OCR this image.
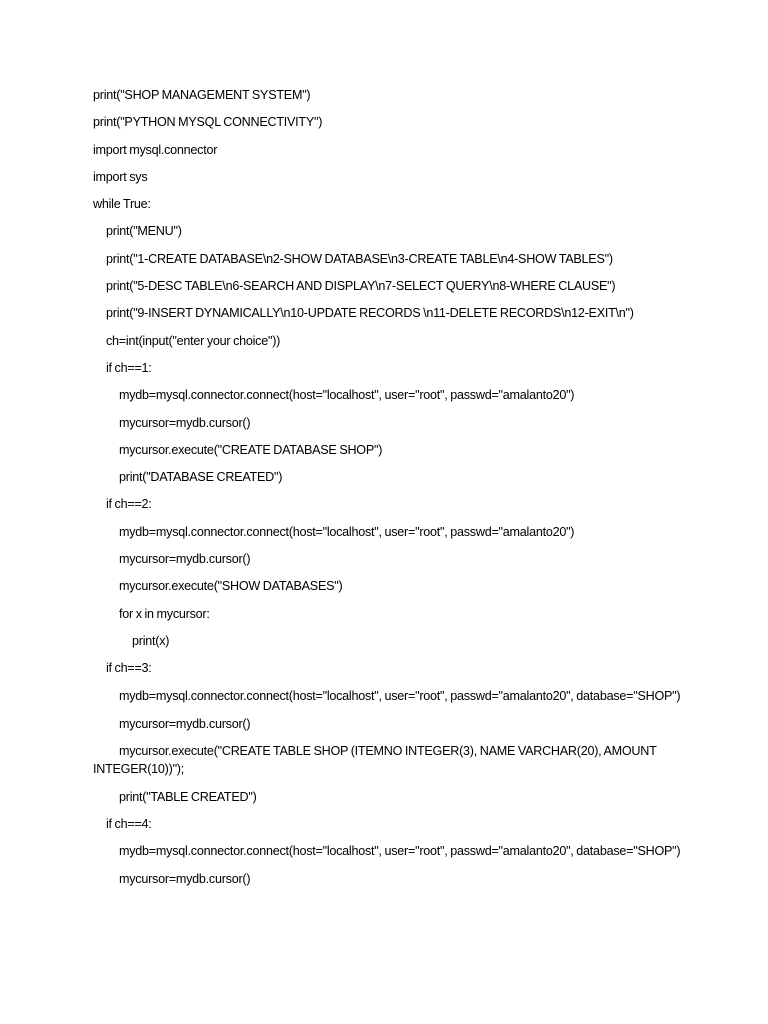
print("SHOP MANAGEMENT SYSTEM")
print("PYTHON MYSQL CONNECTIVITY")
import mysql.connector
import sys
while True:
print("MENU")
print("1-CREATE DATABASE\n2-SHOW DATABASE\n3-CREATE TABLE\n4-SHOW TABLES")
print("5-DESC TABLE\n6-SEARCH AND DISPLAY\n7-SELECT QUERY\n8-WHERE CLAUSE")
print("9-INSERT DYNAMICALLY\n10-UPDATE RECORDS \n11-DELETE RECORDS\n12-EXIT\n")
ch=int(input("enter your choice"))
if ch==1:
mydb=mysql.connector.connect(host="localhost", user="root", passwd="amalanto20")
mycursor=mydb.cursor()
mycursor.execute("CREATE DATABASE SHOP")
print("DATABASE CREATED")
if ch==2:
mydb=mysql.connector.connect(host="localhost", user="root", passwd="amalanto20")
mycursor=mydb.cursor()
mycursor.execute("SHOW DATABASES")
for x in mycursor:
print(x)
if ch==3:
mydb=mysql.connector.connect(host="localhost", user="root", passwd="amalanto20", database="SHOP")
mycursor=mydb.cursor()
mycursor.execute("CREATE TABLE SHOP (ITEMNO INTEGER(3), NAME VARCHAR(20), AMOUNT INTEGER(10))");
print("TABLE CREATED")
if ch==4:
mydb=mysql.connector.connect(host="localhost", user="root", passwd="amalanto20", database="SHOP")
mycursor=mydb.cursor()
